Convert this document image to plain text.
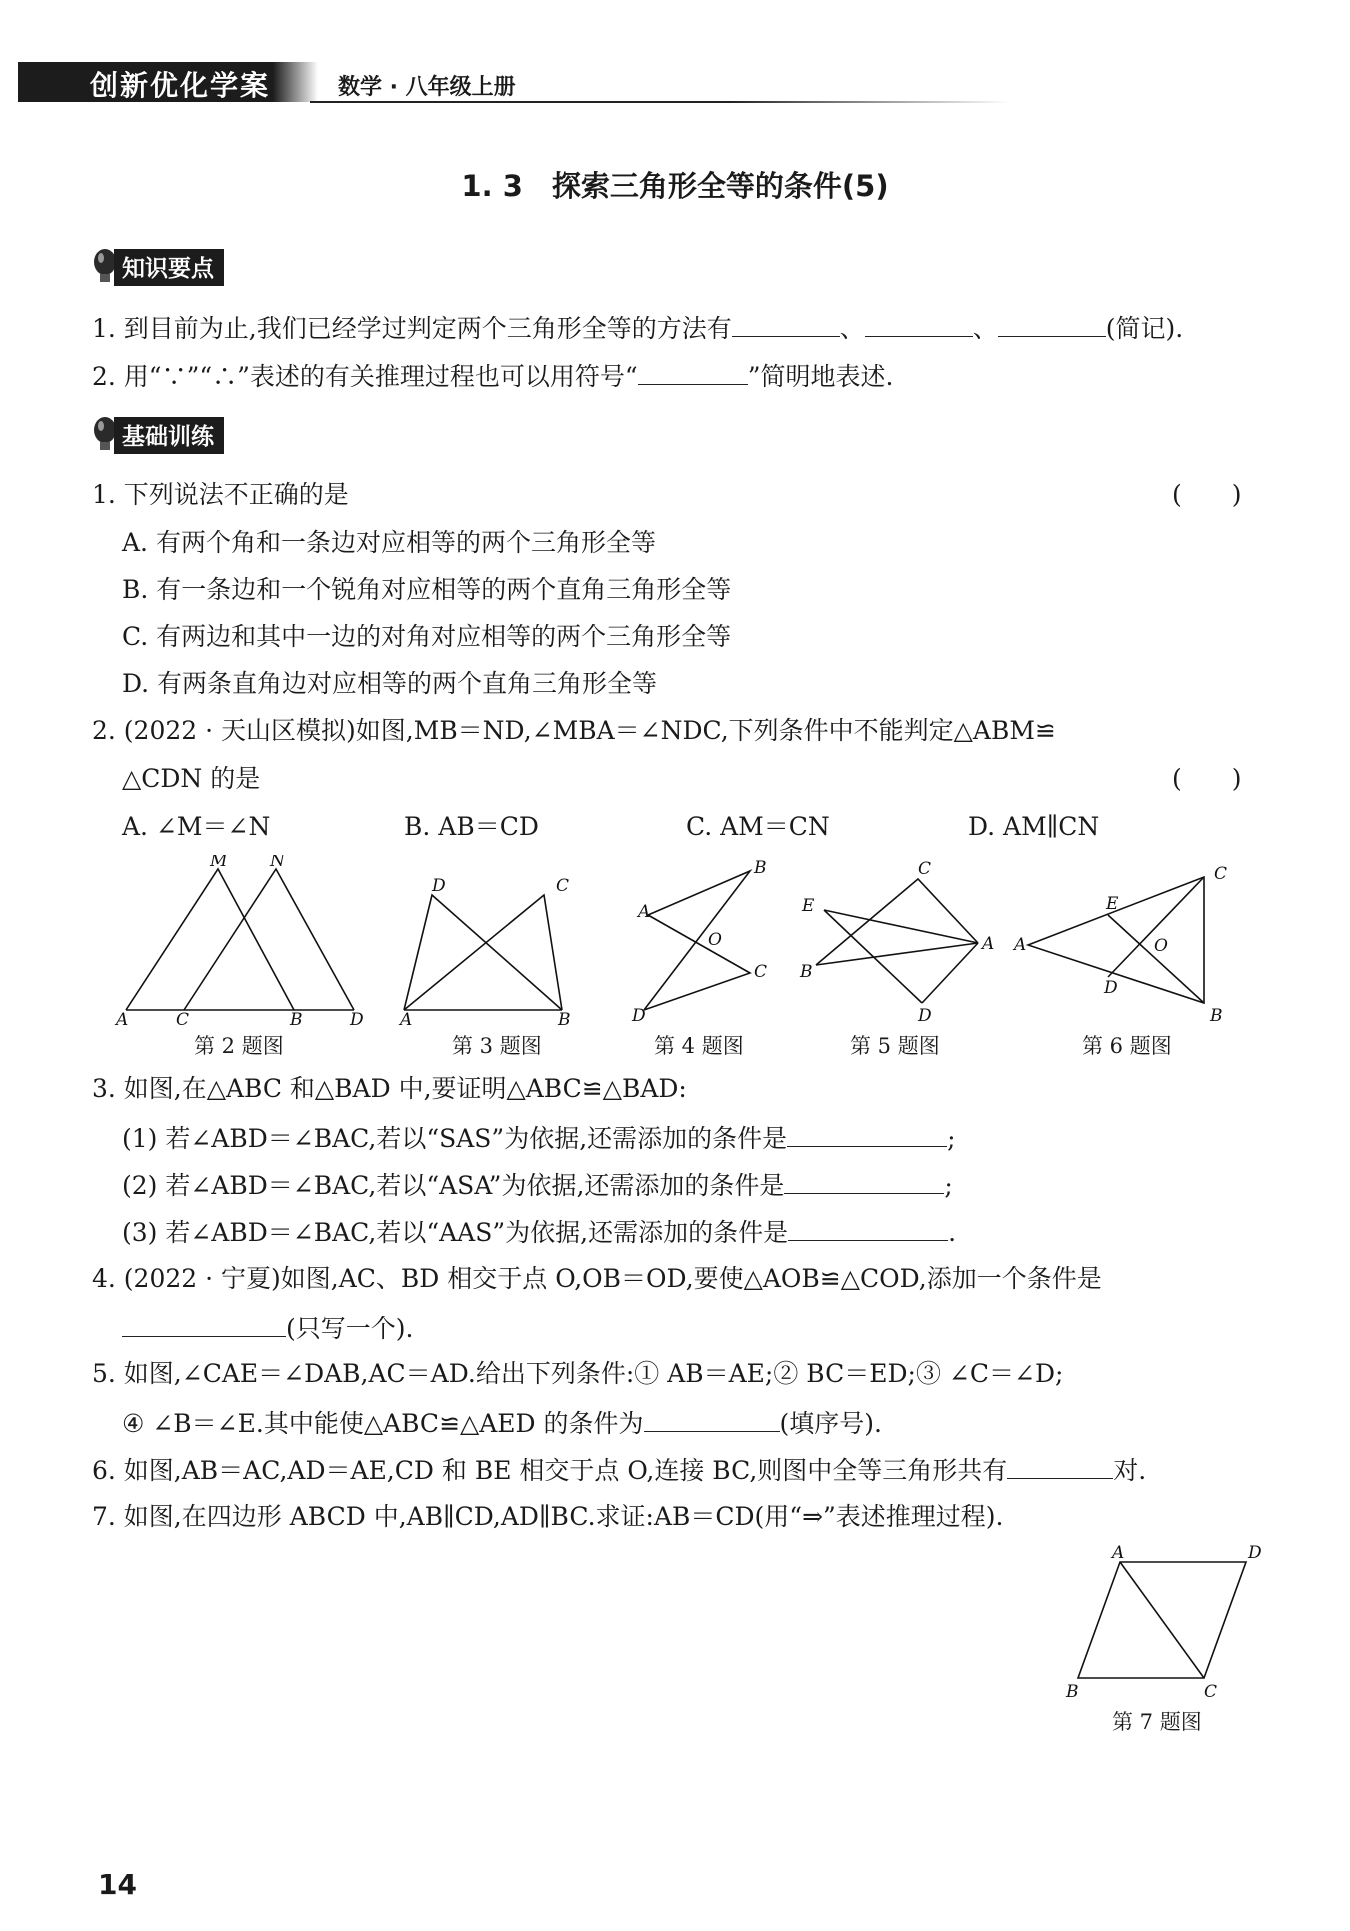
创新优化学案	数学 · 八年级上册
1. 3　探索三角形全等的条件(5)
知识要点
1. 到目前为止,我们已经学过判定两个三角形全等的方法有	、	、	(简记).
2. 用“∵”“∴”表述的有关推理过程也可以用符号“	”简明地表述.
基础训练
1. 下列说法不正确的是	(　　)
A. 有两个角和一条边对应相等的两个三角形全等
B. 有一条边和一个锐角对应相等的两个直角三角形全等
C. 有两边和其中一边的对角对应相等的两个三角形全等
D. 有两条直角边对应相等的两个直角三角形全等
2. (2022 · 天山区模拟)如图,MB＝ND,∠MBA＝∠NDC,下列条件中不能判定△ABM≌
△CDN 的是	(　　)
A. ∠M＝∠N	B. AB＝CD	C. AM＝CN	D. AM∥CN
M	N
A	C	B	D
D	C
A	B
B
A
O
C
D
C
E
A
B
D
C
E
A	O
D
B
第 2 题图	第 3 题图	第 4 题图	第 5 题图	第 6 题图
3. 如图,在△ABC 和△BAD 中,要证明△ABC≌△BAD:
(1) 若∠ABD＝∠BAC,若以“SAS”为依据,还需添加的条件是	;
(2) 若∠ABD＝∠BAC,若以“ASA”为依据,还需添加的条件是	;
(3) 若∠ABD＝∠BAC,若以“AAS”为依据,还需添加的条件是	.
4. (2022 · 宁夏)如图,AC、BD 相交于点 O,OB＝OD,要使△AOB≌△COD,添加一个条件是
(只写一个).
5. 如图,∠CAE＝∠DAB,AC＝AD.给出下列条件:① AB＝AE;② BC＝ED;③ ∠C＝∠D;
④ ∠B＝∠E.其中能使△ABC≌△AED 的条件为	(填序号).
6. 如图,AB＝AC,AD＝AE,CD 和 BE 相交于点 O,连接 BC,则图中全等三角形共有	对.
7. 如图,在四边形 ABCD 中,AB∥CD,AD∥BC.求证:AB＝CD(用“⇒”表述推理过程).
A	D
B	C
第 7 题图
14
